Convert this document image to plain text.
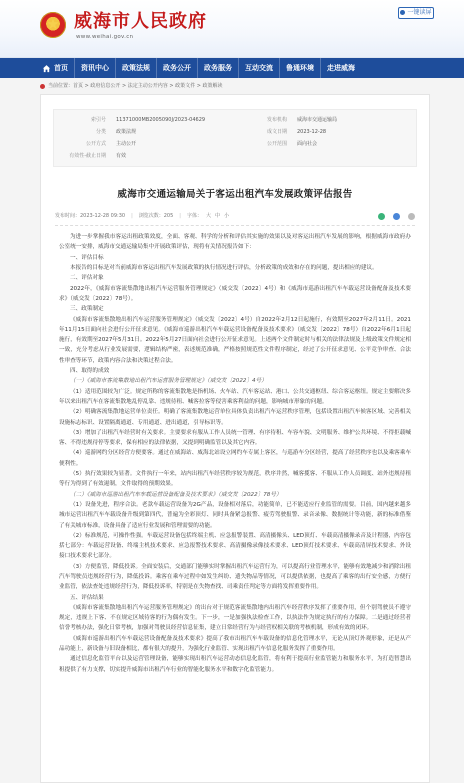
威海市人民政府
www.weihai.gov.cn
一键读屏
首页	资讯中心	政策法规	政务公开	政务服务	互动交流	鲁通环境	走进威海
当前位置：首页 > 政府信息公开 > 法定主动公开内容 > 政策文件 > 政策解读
索引号	11371000MB2005090J/2023-04629	发布机构	威海市交通运输局
分类	政策法规	成文日期	2023-12-28
公开方式	主动公开	公开范围	面向社会
有效性-截止日期	有效
威海市交通运输局关于客运出租汽车发展政策评估报告
发布时间：2023-12-28 09:30 | 浏览次数：205 | 字体： 大 中 小

为进一步掌握我市客运出租政策效度，全面、客观、科学的分析和评估其实施的效果以及对客运出租汽车发展的影响，根据威海市政府办公室统一安排，威海市交通运输局集中开展政策评估，现将有关情况报告如下：

一、评估目标

本报告的目标是对当前威海市客运出租汽车发展政策的执行情况进行评估，分析政策的成效和存在的问题，提出相应的建议。

二、评估对象

2022年，《威海市客流集散地出租汽车运营服务管理规定》（威交发〔2022〕4号）和《威海市巡游出租汽车车载运营设备配备及技术要求》（威交发〔2022〕78号）。

三、政策制定

《威海市客流集散地出租汽车运营服务管理规定》（威交发〔2022〕4号）自2022年2月12日起施行，有效期至2027年2月11日。2021年11月15日面向社会进行公开征求意见。《威海市巡游出租汽车车载运营设备配备及技术要求》（威交发〔2022〕78号）自2022年6月1日起施行，有效期至2027年5月31日。2022年5月27日面向社会进行公开征求意见。上述两个文件制定时与相关的法律法规及上级政策文件规定相一致，充分考虑从行业发展需要，逻辑结构严密，表述规范准确，严格按照规范性文件程序制定，经过了公开征求意见、公平竞争审查、合法性审查等环节，政策内容合法和决策过程合法。

四、取得的成效

（一）《威海市客流集散地出租汽车运营服务管理规定》（威交发〔2022〕4号）

（1）适用范围较为广泛。规定所称的客流集散地是指机场、火车站、汽车客运站、港口、公共交通枢纽、综合客运枢纽。规定主要解决多年以来出租汽车在客流集散地乱停乱靠、违规待租、喊客拉客等侵害乘客利益的问题，影响城市形象的问题。

（2）明确客流集散地运营单位责任。明确了客流集散地运营单位具体负责出租汽车运营秩序管理，包括设置出租汽车候客区域、完善相关设施标志标识、设置隔离通道、专用通道、进出通道，引导标识等。

（3）增加了出租汽车经营时有关要求。主要要求有服从工作人员统一管理、有序待租、车容车貌、文明服务、维护公共环境、不得拒载喊客、不得违规待停等要求，保有相应的法律依据，又提到明确监管以及其它内容。

（4）巡游网约分区经营方便要客。通过在威海站、威海北站设立网约车专属上客区，与巡游车分区经营，提高了经营秩序也以及乘客乘车便利性。

（5）执行效果较为显著。文件执行一年来，站内出租汽车经营秩序较为规范，秩序井然，喊客揽客、不服从工作人员调度、站外违规待租等行为得到了有效遏制，文件取得的预期效果。

（二）《威海市巡游出租汽车车载运营设备配备及技术要求》（威交发〔2022〕78号）

（1）设备先进，程序合法。老款车载运营设备为2G产品，设备相对落后，功能简单，已不能适应行业监管的需要。目前，国内越来越多城市运营出租汽车车载设备升级到第四代，普遍为全彩顶灯、同时具备紧急报警、疲劳驾驶报警、录音录像、数据统计等功能，新的标准借鉴了有关城市标准，设备具备了适应行业发展和管理需要的功能。

（2）标准规范，可操作性强。车载运营设备包括终端主机、应急报警装置、高清摄像头、LED顶灯、车载高清摄像录音及计程器，内容包括七部分：车载运营设备、终端主机技术要求、应急报警技术要求、高清摄像录像技术要求、LED顶灯技术要求、车载高清屏技术要求、外设接口技术要求七部分。

（3）方便监管，降低投诉。全面安装后，交通部门能够实时掌握出租汽车运营行为，可以提高行业管理水平，能够有效地减少和消除出租汽车驾驶员违规经营行为，降低投诉。乘客在乘车过程中如发生纠纷、遗失物品等情况，可以提供依据，也提高了乘客的出行安全感，方便行业监管，依法查处违规经营行为，降低投诉率，特别是在失物查找、司乘责任判定等方面将发挥重要作用。

五、评估结果

《威海市客流集散地出租汽车运营服务管理规定》的出台对于规范客流集散地内出租汽车经营秩序发挥了重要作用，但个别驾驶员不遵守规定，违规上下客、不在规定区域待客的行为偶有发生。下一步，一是加强执法检查工作，以执法作为规定执行的有力保障。二是通过经营者信誉考核办法，强化日常考核，加强对驾驶员经营信息征集，建立日常经营行为与经营权相关联的考核机制，形成有效的闭环。

《威海市巡游出租汽车车载运营设备配备及技术要求》提高了我市出租汽车车载设备的信息化管理水平，无论从顶灯外观形象，还是从产品功能上，新设备与旧设备相比，都有很大的提升，为强化行业监管、实现出租汽车信息化服务发挥了重要作用。

通过信息化监管平台以及运营管理设备，能够实现出租汽车运营动态信息化监管，将有利于提高行业监管能力和服务水平，为打造智慧出租提供了有力支撑，切实提升威海市出租汽车行业的智能化服务水平和数字化监管能力。
